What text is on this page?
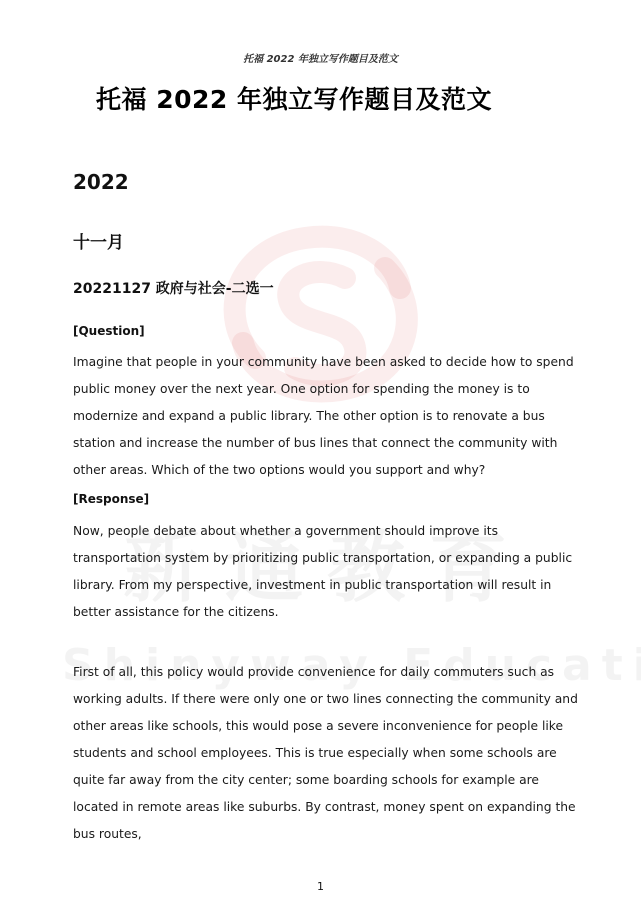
托福 2022 年独立写作题目及范文
托福 2022 年独立写作题目及范文
2022
十一月
20221127 政府与社会-二选一
[Question]
Imagine that people in your community have been asked to decide how to spend public money over the next year. One option for spending the money is to modernize and expand a public library. The other option is to renovate a bus station and increase the number of bus lines that connect the community with other areas. Which of the two options would you support and why?
[Response]
Now, people debate about whether a government should improve its transportation system by prioritizing public transportation, or expanding a public library. From my perspective, investment in public transportation will result in better assistance for the citizens.
First of all, this policy would provide convenience for daily commuters such as working adults. If there were only one or two lines connecting the community and other areas like schools, this would pose a severe inconvenience for people like students and school employees. This is true especially when some schools are quite far away from the city center; some boarding schools for example are located in remote areas like suburbs. By contrast, money spent on expanding the bus routes,
1
